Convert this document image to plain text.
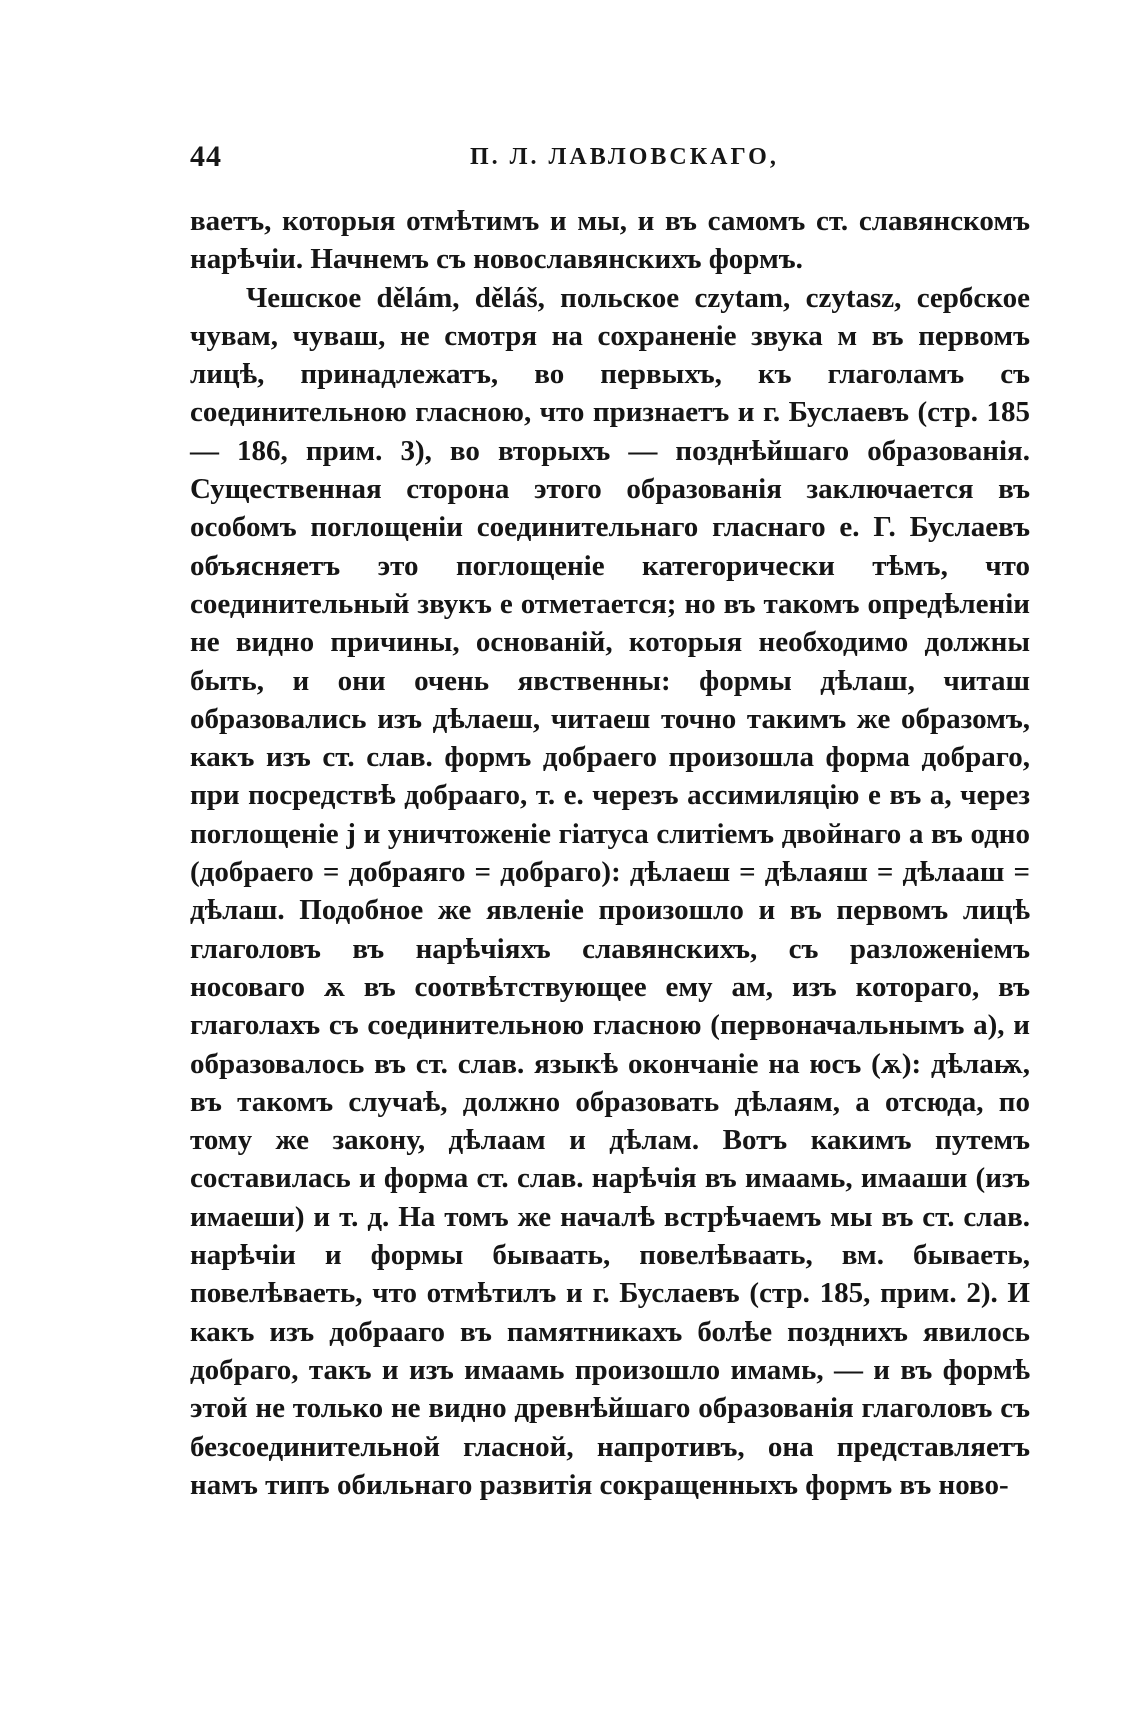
44	П. Л. ЛАВЛОВСКАГО,

ваетъ, которыя отмѣтимъ и мы, и въ самомъ ст. славянскомъ нарѣчіи. Начнемъ съ новославянскихъ формъ.

Чешское dělám, děláš, польское czytam, czytasz, сербское чувам, чуваш, не смотря на сохраненіе звука м въ первомъ лицѣ, принадлежатъ, во первыхъ, къ глаголамъ съ соединительною гласною, что признаетъ и г. Буслаевъ (стр. 185 — 186, прим. 3), во вторыхъ — позднѣйшаго образованія. Существенная сторона этого образованія заключается въ особомъ поглощеніи соединительнаго гласнаго е. Г. Буслаевъ объясняетъ это поглощеніе категорически тѣмъ, что соединительный звукъ е отметается; но въ такомъ опредѣленіи не видно причины, основаній, которыя необходимо должны быть, и они очень явственны: формы дѣлаш, читаш образовались изъ дѣлаеш, читаеш точно такимъ же образомъ, какъ изъ ст. слав. формъ добраего произошла форма добраго, при посредствѣ добрааго, т. е. черезъ ассимиляцію е въ а, через поглощеніе j и уничтоженіе гіатуса слитіемъ двойнаго а въ одно (добраего = добраяго = добраго): дѣлаеш = дѣлаяш = дѣлааш = дѣлаш. Подобное же явленіе произошло и въ первомъ лицѣ глаголовъ въ нарѣчіяхъ славянскихъ, съ разложеніемъ носоваго ѫ въ соотвѣтствующее ему ам, изъ котораго, въ глаголахъ съ соединительною гласною (первоначальнымъ а), и образовалось въ ст. слав. языкѣ окончаніе на юсъ (ѫ): дѣлаѭ, въ такомъ случаѣ, должно образовать дѣлаям, а отсюда, по тому же закону, дѣлаам и дѣлам. Вотъ какимъ путемъ составилась и форма ст. слав. нарѣчія въ имаамь, имааши (изъ имаеши) и т. д. На томъ же началѣ встрѣчаемъ мы въ ст. слав. нарѣчіи и формы бываать, повелѣваать, вм. бываеть, повелѣваеть, что отмѣтилъ и г. Буслаевъ (стр. 185, прим. 2). И какъ изъ добрааго въ памятникахъ болѣе позднихъ явилось добраго, такъ и изъ имаамь произошло имамь, — и въ формѣ этой не только не видно древнѣйшаго образованія глаголовъ съ безсоединительной гласной, напротивъ, она представляетъ намъ типъ обильнаго развитія сокращенныхъ формъ въ ново-
